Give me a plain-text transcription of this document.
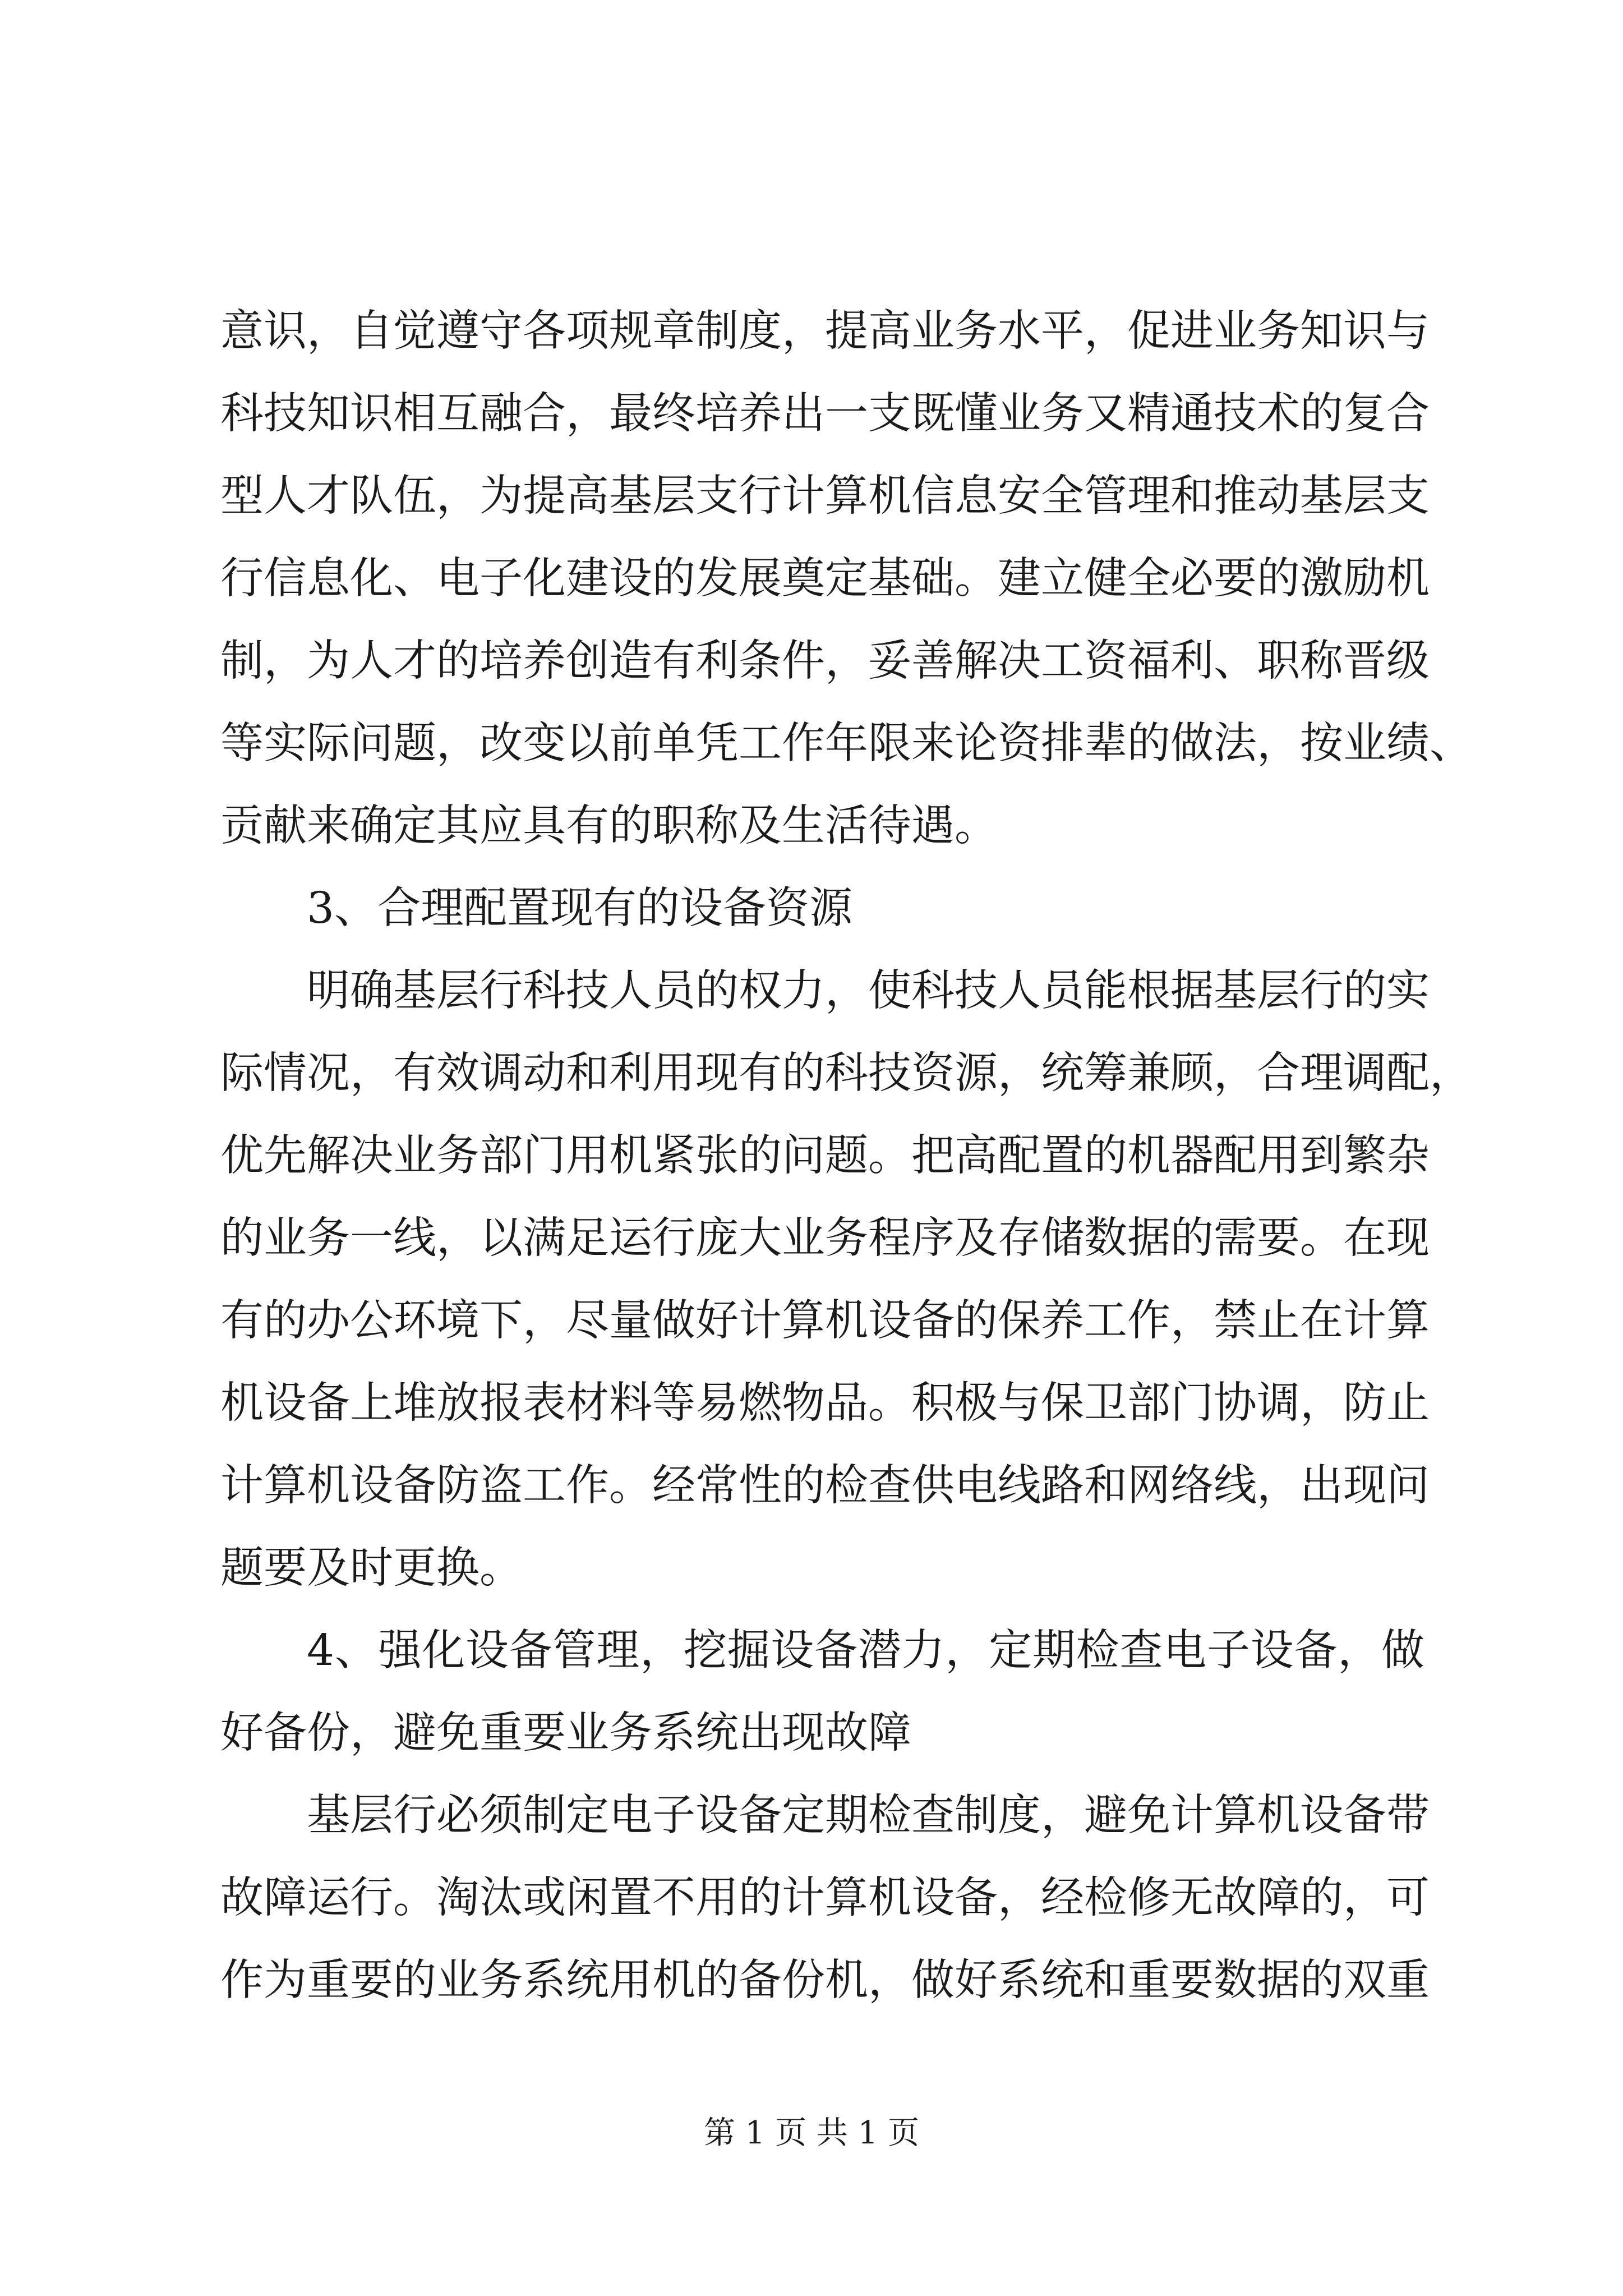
意识，自觉遵守各项规章制度，提高业务水平，促进业务知识与
科技知识相互融合，最终培养出一支既懂业务又精通技术的复合
型人才队伍，为提高基层支行计算机信息安全管理和推动基层支
行信息化、电子化建设的发展奠定基础。建立健全必要的激励机
制，为人才的培养创造有利条件，妥善解决工资福利、职称晋级
等实际问题，改变以前单凭工作年限来论资排辈的做法，按业绩、
贡献来确定其应具有的职称及生活待遇。
3、合理配置现有的设备资源
明确基层行科技人员的权力，使科技人员能根据基层行的实
际情况，有效调动和利用现有的科技资源，统筹兼顾，合理调配，
优先解决业务部门用机紧张的问题。把高配置的机器配用到繁杂
的业务一线，以满足运行庞大业务程序及存储数据的需要。在现
有的办公环境下，尽量做好计算机设备的保养工作，禁止在计算
机设备上堆放报表材料等易燃物品。积极与保卫部门协调，防止
计算机设备防盗工作。经常性的检查供电线路和网络线，出现问
题要及时更换。
4、强化设备管理，挖掘设备潜力，定期检查电子设备，做
好备份，避免重要业务系统出现故障
基层行必须制定电子设备定期检查制度，避免计算机设备带
故障运行。淘汰或闲置不用的计算机设备，经检修无故障的，可
作为重要的业务系统用机的备份机，做好系统和重要数据的双重
第 1 页 共 1 页
